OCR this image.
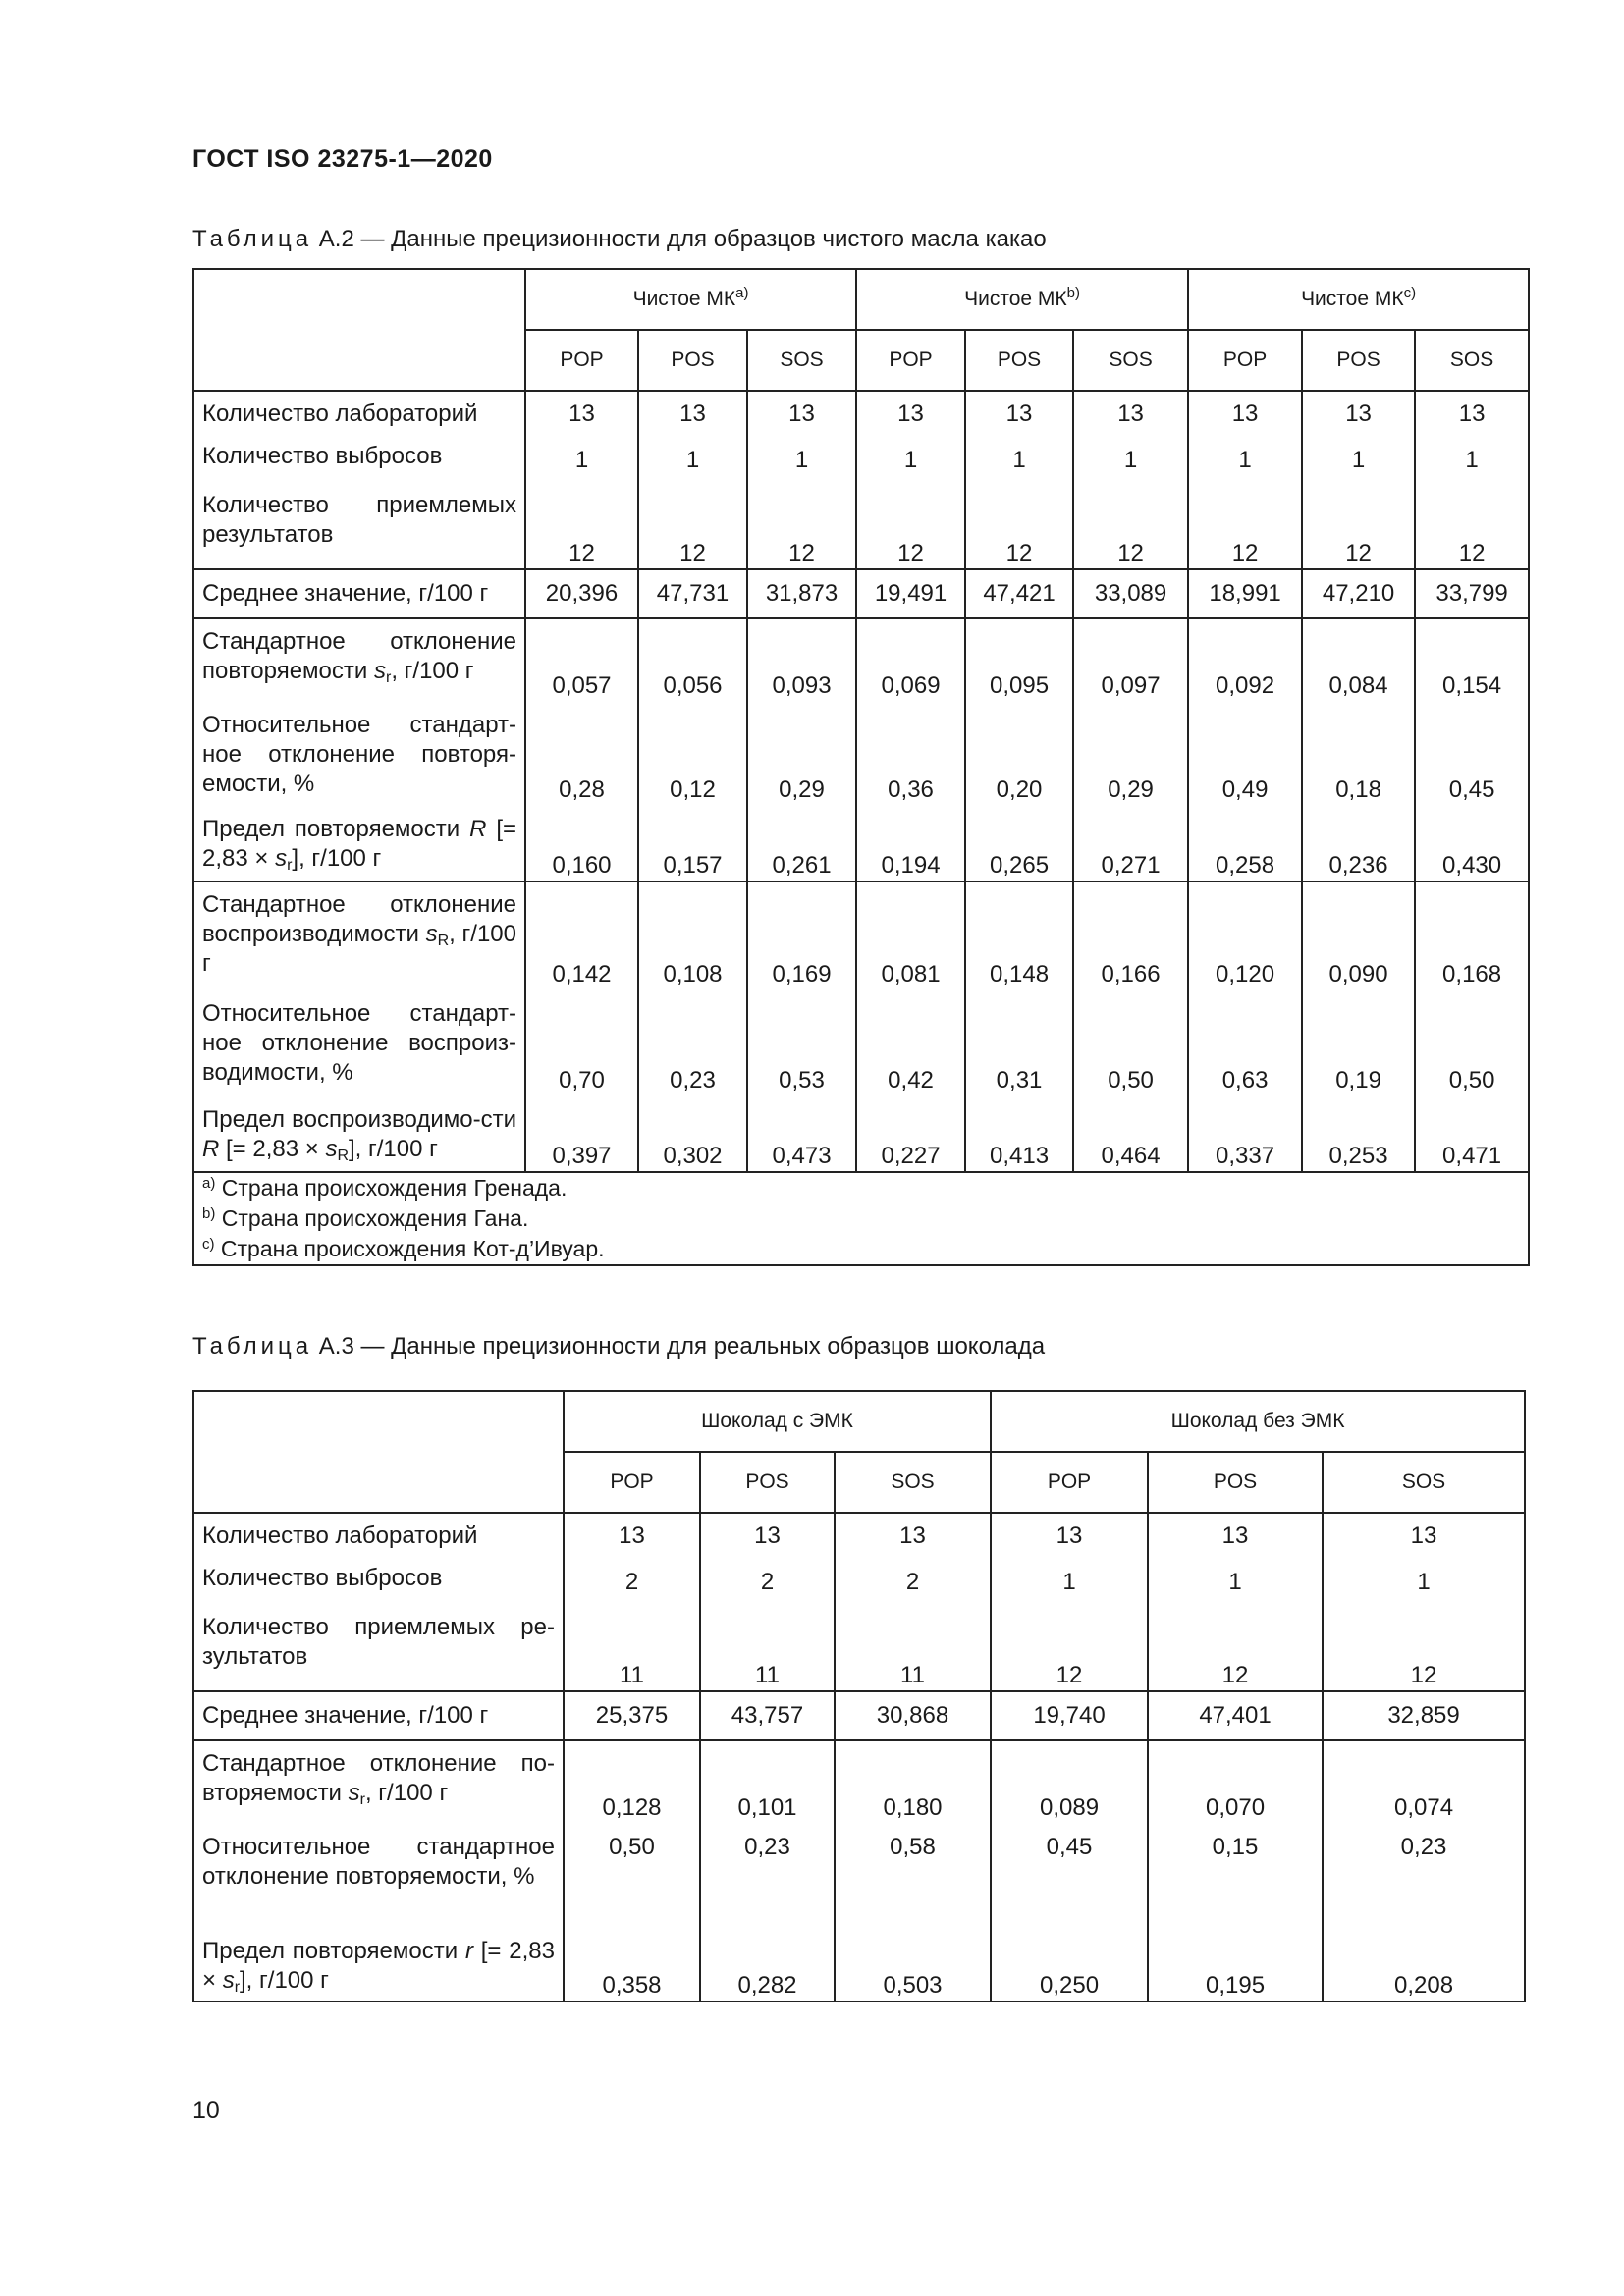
ГОСТ ISO 23275-1—2020
Таблица А.2 — Данные прецизионности для образцов чистого масла какао
	Чистое МК$^{a)}$			Чистое МК$^{b)}$			Чистое МК$^{c)}$
	POP	POS	SOS	POP	POS	SOS	POP	POS	SOS
Количество лабораторий	13	13	13	13	13	13	13	13	13
Количество выбросов	1	1	1	1	1	1	1	1	1
Количество приемлемых результатов	12	12	12	12	12	12	12	12	12
Среднее значение, г/100 г	20,396	47,731	31,873	19,491	47,421	33,089	18,991	47,210	33,799
Стандартное отклонение повторяемости $s_r$, г/100 г	0,057	0,056	0,093	0,069	0,095	0,097	0,092	0,084	0,154
Относительное стандарт-ное отклонение повторя-емости, %	0,28	0,12	0,29	0,36	0,20	0,29	0,49	0,18	0,45
Предел повторяемости R [= $2,83 \times s_r$], г/100 г	0,160	0,157	0,261	0,194	0,265	0,271	0,258	0,236	0,430
Стандартное отклонение воспроизводимости $s_R$, г/100 г	0,142	0,108	0,169	0,081	0,148	0,166	0,120	0,090	0,168
Относительное стандарт-ное отклонение воспроиз-водимости, %	0,70	0,23	0,53	0,42	0,31	0,50	0,63	0,19	0,50
Предел воспроизводимо-сти R [= $2,83 \times s_R$], г/100 г	0,397	0,302	0,473	0,227	0,413	0,464	0,337	0,253	0,471

$^{a)}$ Страна происхождения Гренада.
$^{b)}$ Страна происхождения Гана.
$^{c)}$ Страна происхождения Кот-д’Ивуар.									
Таблица А.3 — Данные прецизионности для реальных образцов шоколада
	Шоколад с ЭМК			Шоколад без ЭМК		
	POP	POS	SOS	POP	POS	SOS
Количество лабораторий	13	13	13	13	13	13
Количество выбросов	2	2	2	1	1	1
Количество приемлемых ре-зультатов	11	11	11	12	12	12
Среднее значение, г/100 г	25,375	43,757	30,868	19,740	47,401	32,859
Стандартное отклонение по-вторяемости $s_r$, г/100 г	0,128	0,101	0,180	0,089	0,070	0,074
Относительное стандартное отклонение повторяемости, %	0,50	0,23	0,58	0,45	0,15	0,23
Предел повторяемости r [= $2,83 \times s_r$], г/100 г	0,358	0,282	0,503	0,250	0,195	0,208
10
